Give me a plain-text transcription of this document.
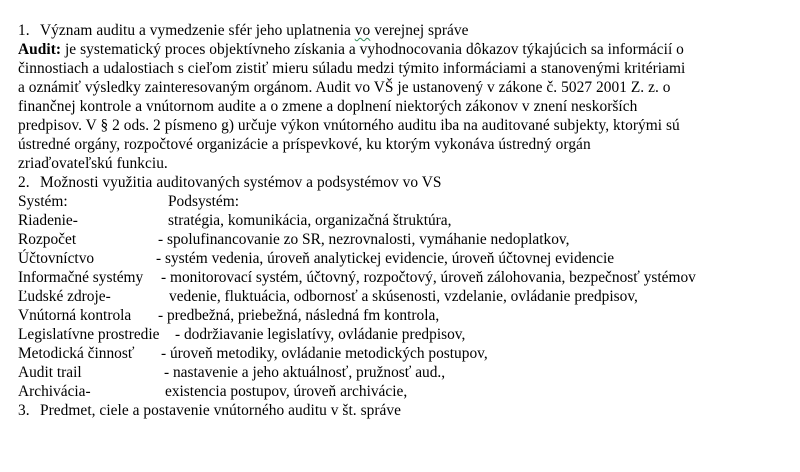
1. Význam auditu a vymedzenie sfér jeho uplatnenia vo verejnej správe
Audit: je systematický proces objektívneho získania a vyhodnocovania dôkazov týkajúcich sa informácií o
činnostiach a udalostiach s cieľom zistiť mieru súladu medzi týmito informáciami a stanovenými kritériami
a oznámiť výsledky zainteresovaným orgánom. Audit vo VŠ je ustanovený v zákone č. 5027 2001 Z. z. o
finančnej kontrole a vnútornom audite a o zmene a doplnení niektorých zákonov v znení neskorších
predpisov. V § 2 ods. 2 písmeno g) určuje výkon vnútorného auditu iba na auditované subjekty, ktorými sú
ústredné orgány, rozpočtové organizácie a príspevkové, ku ktorým vykonáva ústredný orgán
zriaďovateľskú funkciu.
2. Možnosti využitia auditovaných systémov a podsystémov vo VS
Systém:	Podsystém:
Riadenie-	stratégia, komunikácia, organizačná štruktúra,
Rozpočet	- spolufinancovanie zo SR, nezrovnalosti, vymáhanie nedoplatkov,
Účtovníctvo	- systém vedenia, úroveň analytickej evidencie, úroveň účtovnej evidencie
Informačné systémy - monitorovací systém, účtovný, rozpočtový, úroveň zálohovania, bezpečnosť ystémov
Ľudské zdroje-	vedenie, fluktuácia, odbornosť a skúsenosti, vzdelanie, ovládanie predpisov,
Vnútorná kontrola - predbežná, priebežná, následná fm kontrola,
Legislatívne prostredie - dodržiavanie legislatívy, ovládanie predpisov,
Metodická činnosť - úroveň metodiky, ovládanie metodických postupov,
Audit trail	- nastavenie a jeho aktuálnosť, pružnosť aud.,
Archivácia-	existencia postupov, úroveň archivácie,
3. Predmet, ciele a postavenie vnútorného auditu v št. správe
